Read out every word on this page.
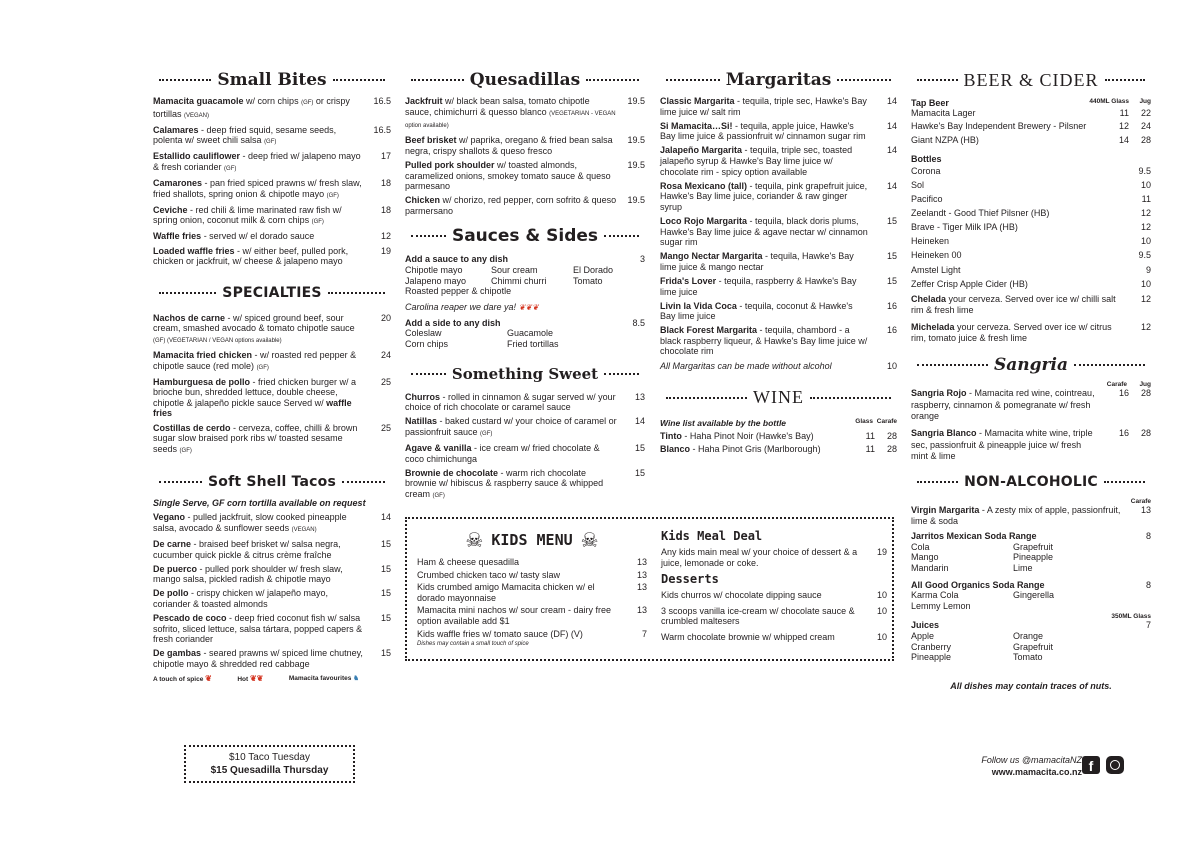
Small Bites
Mamacita guacamole w/ corn chips (GF) or crispy tortillas (VEGAN)
16.5
Calamares - deep fried squid, sesame seeds, polenta w/ sweet chili salsa (GF)
16.5
Estallido cauliflower - deep fried w/ jalapeno mayo & fresh coriander (GF)
17
Camarones - pan fried spiced prawns w/ fresh slaw, fried shallots, spring onion & chipotle mayo (GF)
18
Ceviche - red chili & lime marinated raw fish w/ spring onion, coconut milk & corn chips (GF)
18
Waffle fries - served w/ el dorado sauce	12
Loaded waffle fries - w/ either beef, pulled pork, chicken or jackfruit, w/ cheese & jalapeno mayo
19
SPECIALTIES
Nachos de carne - w/ spiced ground beef, sour cream, smashed avocado & tomato chipotle sauce (GF) (VEGETARIAN / VEGAN options available)
20
Mamacita fried chicken - w/ roasted red pepper & chipotle sauce (red mole) (GF)
24
Hamburguesa de pollo - fried chicken burger w/ a brioche bun, shredded lettuce, double cheese, chipotle & jalapeño pickle sauce Served w/ waffle fries
25
Costillas de cerdo - cerveza, coffee, chilli & brown sugar slow braised pork ribs w/ toasted sesame seeds (GF)
25
Soft Shell Tacos
Single Serve, GF corn tortilla available on request
Vegano - pulled jackfruit, slow cooked pineapple salsa, avocado & sunflower seeds (VEGAN)
14
De carne - braised beef brisket w/ salsa negra, cucumber quick pickle & citrus crème fraîche
15
De puerco - pulled pork shoulder w/ fresh slaw, mango salsa, pickled radish & chipotle mayo
15
De pollo - crispy chicken w/ jalapeño mayo, coriander & toasted almonds
15
Pescado de coco - deep fried coconut fish w/ salsa sofrito, sliced lettuce, salsa tártara, popped capers & fresh coriander
15
De gambas - seared prawns w/ spiced lime chutney, chipotle mayo & shredded red cabbage
15
A touch of spice ❦	Hot ❦❦	Mamacita favourites ♞
$10 Taco Tuesday
$15 Quesadilla Thursday
Quesadillas
Jackfruit w/ black bean salsa, tomato chipotle sauce, chimichurri & quesso blanco (VEGETARIAN - VEGAN option available)
19.5
Beef brisket w/ paprika, oregano & fried bean salsa negra, crispy shallots & queso fresco
19.5
Pulled pork shoulder w/ toasted almonds, caramelized onions, smokey tomato sauce & queso parmesano
19.5
Chicken w/ chorizo, red pepper, corn sofrito & queso parmersano
19.5
Sauces & Sides
Add a sauce to any dish	3
Chipotle mayo	Sour cream	El Dorado
Jalapeno mayo	Chimmi churri	Tomato
Roasted pepper & chipotle
Carolina reaper we dare ya! ❦❦❦
Add a side to any dish	8.5
Coleslaw	Guacamole
Corn chips	Fried tortillas
Something Sweet
Churros - rolled in cinnamon & sugar served w/ your choice of rich chocolate or caramel sauce
13
Natillas - baked custard w/ your choice of caramel or passionfruit sauce (GF)
14
Agave & vanilla - ice cream w/ fried chocolate & coco chimichunga
15
Brownie de chocolate - warm rich chocolate brownie w/ hibiscus & raspberry sauce & whipped cream (GF)
15
☠ KIDS MENU ☠
Ham & cheese quesadilla	13
Crumbed chicken taco w/ tasty slaw	13
Kids crumbed amigo Mamacita chicken w/ el dorado mayonnaise
13
Mamacita mini nachos w/ sour cream - dairy free option available add $1
13
Kids waffle fries w/ tomato sauce (DF) (V)	7
Dishes may contain a small touch of spice
Kids Meal Deal
Any kids main meal w/ your choice of dessert & a juice, lemonade or coke.
19
Desserts
Kids churros w/ chocolate dipping sauce	10
3 scoops vanilla ice-cream w/ chocolate sauce & crumbled maltesers
10
Warm chocolate brownie w/ whipped cream	10
Margaritas
Classic Margarita - tequila, triple sec, Hawke's Bay lime juice w/ salt rim
14
Si Mamacita…Si! - tequila, apple juice, Hawke's Bay lime juice & passionfruit w/ cinnamon sugar rim
14
Jalapeño Margarita - tequila, triple sec, toasted jalapeño syrup & Hawke's Bay lime juice w/ chocolate rim - spicy option available
14
Rosa Mexicano (tall) - tequila, pink grapefruit juice, Hawke's Bay lime juice, coriander & raw ginger syrup
14
Loco Rojo Margarita - tequila, black doris plums, Hawke's Bay lime juice & agave nectar w/ cinnamon sugar rim
15
Mango Nectar Margarita - tequila, Hawke's Bay lime juice & mango nectar
15
Frida's Lover - tequila, raspberry & Hawke's Bay lime juice
15
Livin la Vida Coca - tequila, coconut & Hawke's Bay lime juice
16
Black Forest Margarita - tequila, chambord - a black raspberry liqueur, & Hawke's Bay lime juice w/ chocolate rim
16
All Margaritas can be made without alcohol	10
WINE
Wine list available by the bottle	Glass Carafe
Tinto - Haha Pinot Noir (Hawke's Bay)	11	28
Blanco - Haha Pinot Gris (Marlborough)	11	28
BEER & CIDER
Tap Beer	440ML Glass	Jug
Mamacita Lager	11	22
Hawke's Bay Independent Brewery - Pilsner	12	24
Giant NZPA (HB)	14	28
Bottles
Corona	9.5
Sol	10
Pacifico	11
Zeelandt - Good Thief Pilsner (HB)	12
Brave - Tiger Milk IPA (HB)	12
Heineken	10
Heineken 00	9.5
Amstel Light	9
Zeffer Crisp Apple Cider (HB)	10
Chelada your cerveza. Served over ice w/ chilli salt rim & fresh lime
12
Michelada your cerveza. Served over ice w/ citrus rim, tomato juice & fresh lime
12
Sangria
Carafe	Jug
Sangria Rojo - Mamacita red wine, cointreau, raspberry, cinnamon & pomegranate w/ fresh orange
16	28
Sangria Blanco - Mamacita white wine, triple sec, passionfruit & pineapple juice w/ fresh mint & lime
16	28
NON-ALCOHOLIC
Carafe
Virgin Margarita - A zesty mix of apple, passionfruit, lime & soda
13
Jarritos Mexican Soda Range	8
Cola	Grapefruit
Mango	Pineapple
Mandarin	Lime
All Good Organics Soda Range	8
Karma Cola	Gingerella
Lemmy Lemon
350ML Glass
Juices	7
Apple	Orange
Cranberry	Grapefruit
Pineapple	Tomato
All dishes may contain traces of nuts.
Follow us @mamacitaNZ
www.mamacita.co.nz f
